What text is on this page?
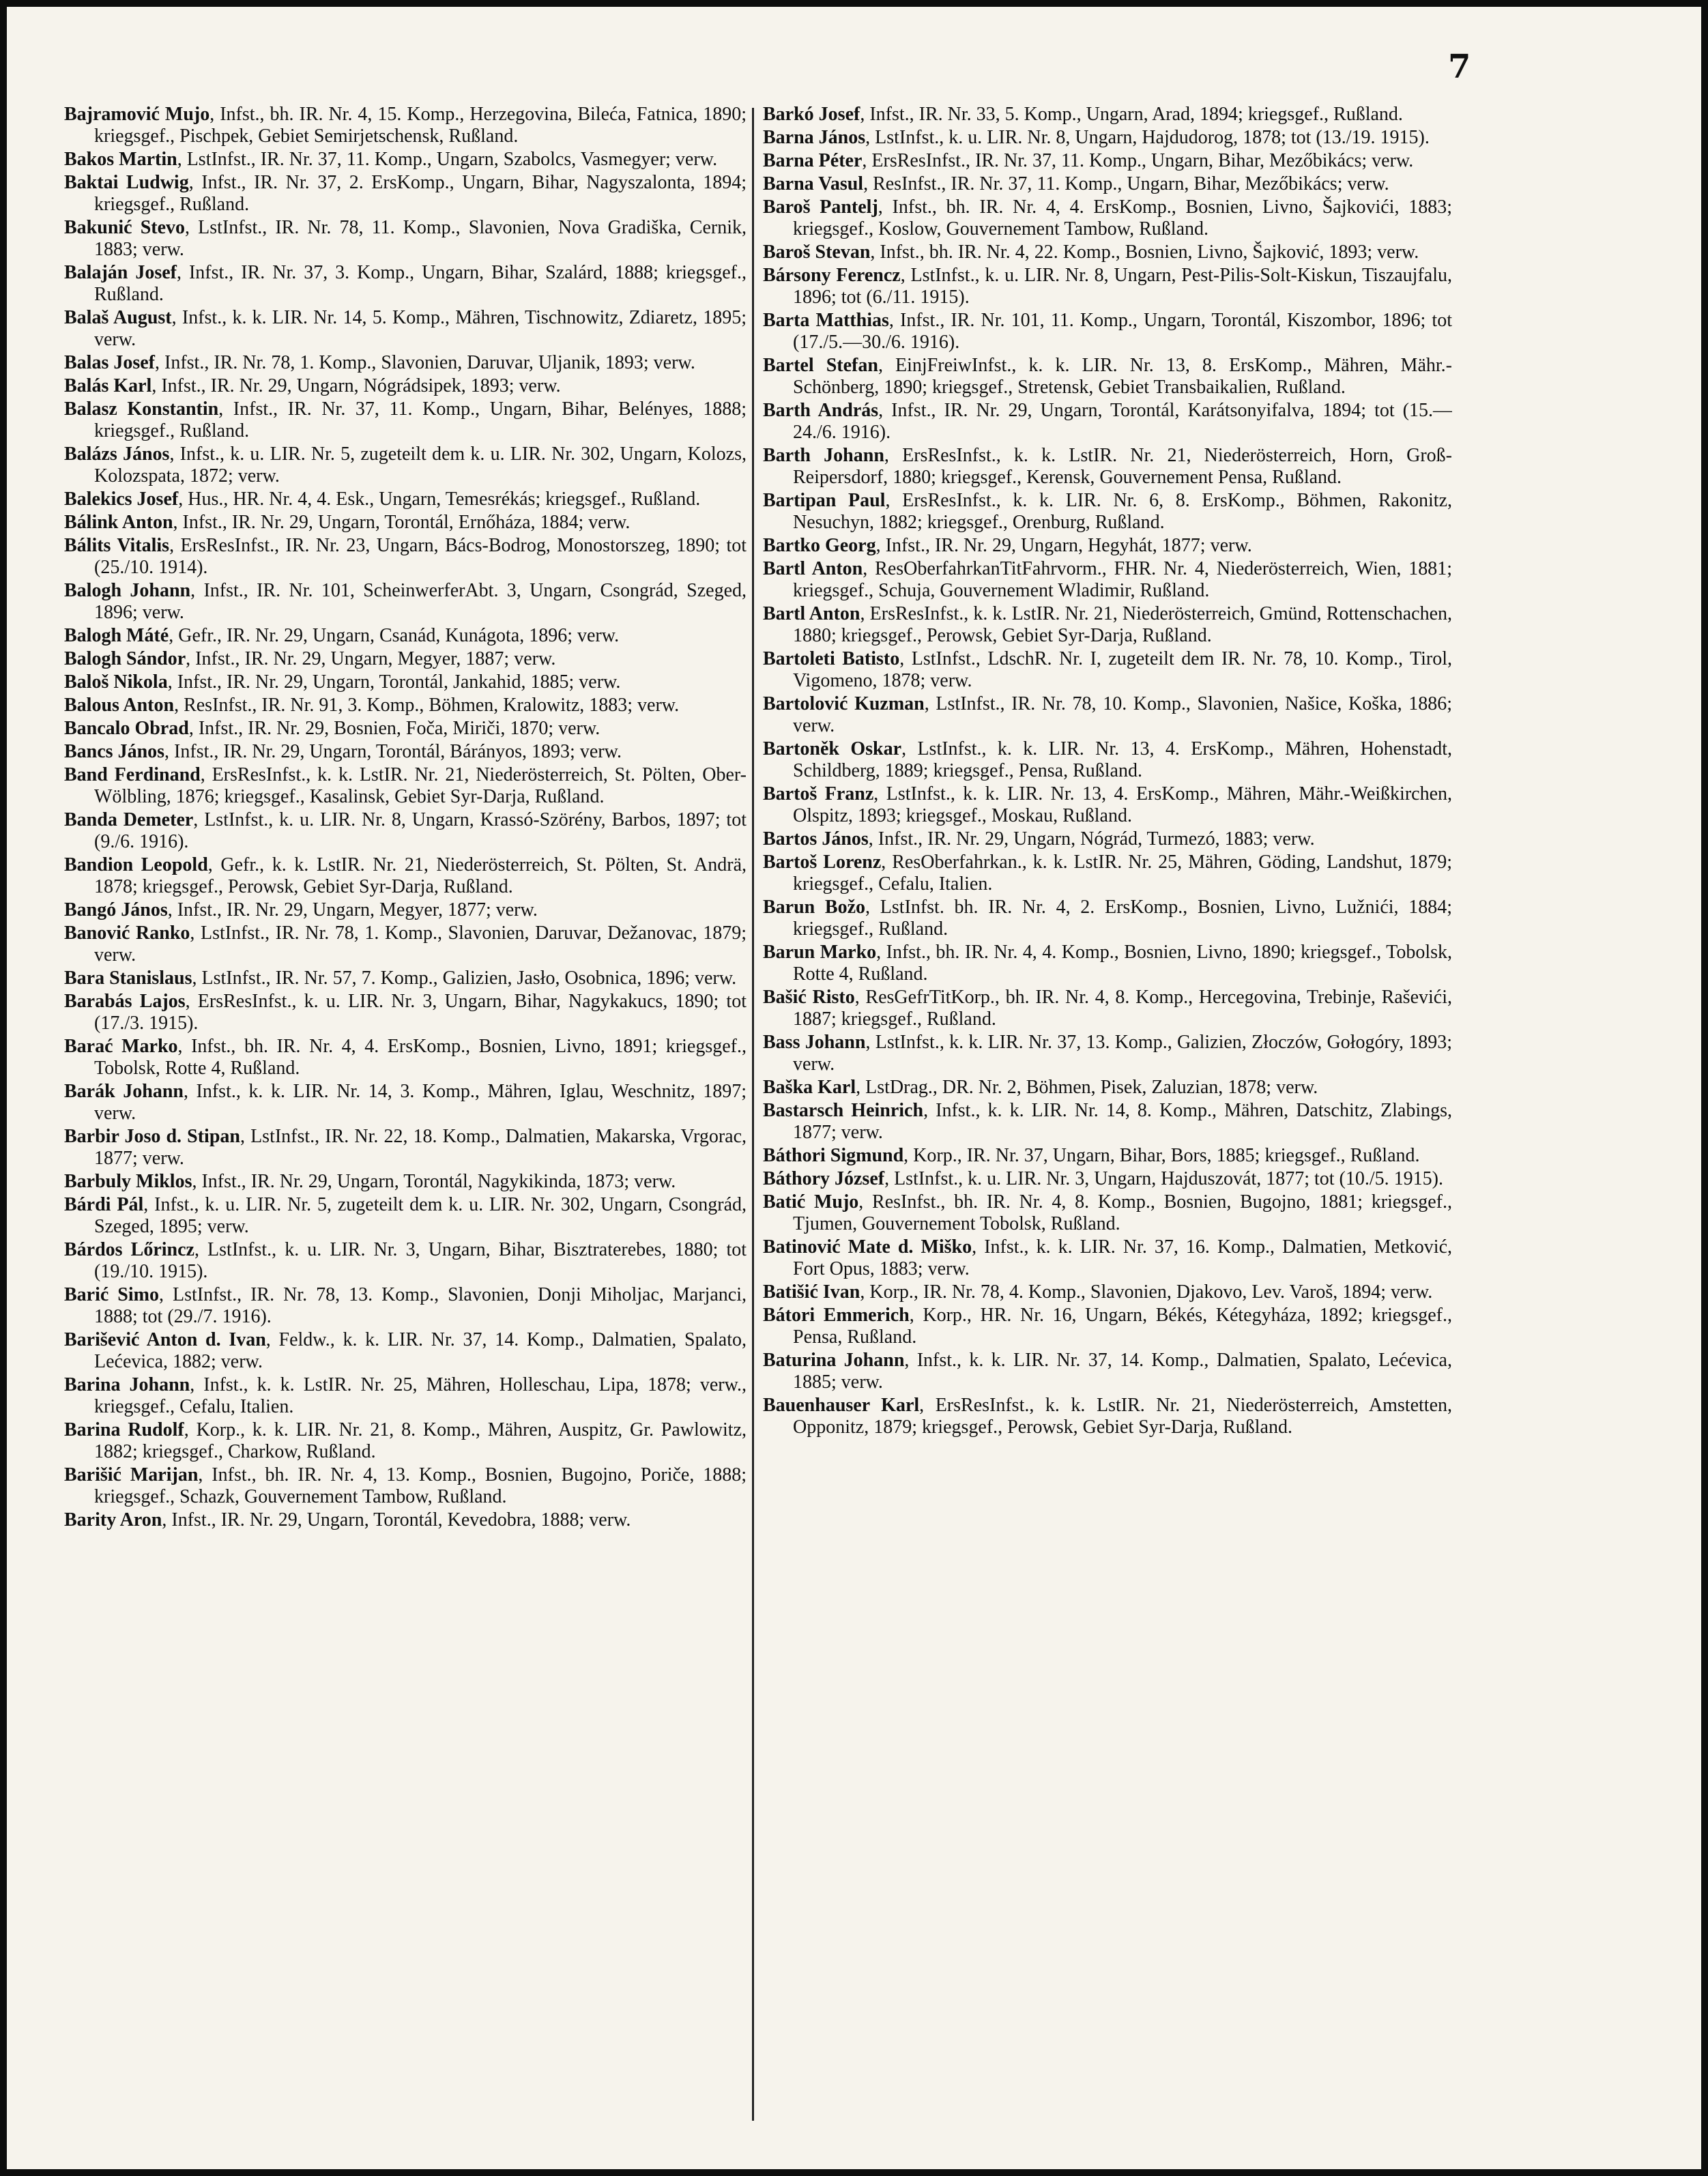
7

Bajramović Mujo, Infst., bh. IR. Nr. 4, 15. Komp., Herzegovina, Bileća, Fatnica, 1890; kriegsgef., Pischpek, Gebiet Semirjetschensk, Rußland.

Bakos Martin, LstInfst., IR. Nr. 37, 11. Komp., Ungarn, Szabolcs, Vasmegyer; verw.

Baktai Ludwig, Infst., IR. Nr. 37, 2. ErsKomp., Ungarn, Bihar, Nagyszalonta, 1894; kriegsgef., Rußland.

Bakunić Stevo, LstInfst., IR. Nr. 78, 11. Komp., Slavonien, Nova Gradiška, Cernik, 1883; verw.

Balaján Josef, Infst., IR. Nr. 37, 3. Komp., Ungarn, Bihar, Szalárd, 1888; kriegsgef., Rußland.

Balaš August, Infst., k. k. LIR. Nr. 14, 5. Komp., Mähren, Tischnowitz, Zdiaretz, 1895; verw.

Balas Josef, Infst., IR. Nr. 78, 1. Komp., Slavonien, Daruvar, Uljanik, 1893; verw.

Balás Karl, Infst., IR. Nr. 29, Ungarn, Nógrádsipek, 1893; verw.

Balasz Konstantin, Infst., IR. Nr. 37, 11. Komp., Ungarn, Bihar, Belényes, 1888; kriegsgef., Rußland.

Balázs János, Infst., k. u. LIR. Nr. 5, zugeteilt dem k. u. LIR. Nr. 302, Ungarn, Kolozs, Kolozspata, 1872; verw.

Balekics Josef, Hus., HR. Nr. 4, 4. Esk., Ungarn, Temesrékás; kriegsgef., Rußland.

Bálink Anton, Infst., IR. Nr. 29, Ungarn, Torontál, Ernőháza, 1884; verw.

Bálits Vitalis, ErsResInfst., IR. Nr. 23, Ungarn, Bács-Bodrog, Monostorszeg, 1890; tot (25./10. 1914).

Balogh Johann, Infst., IR. Nr. 101, ScheinwerferAbt. 3, Ungarn, Csongrád, Szeged, 1896; verw.

Balogh Máté, Gefr., IR. Nr. 29, Ungarn, Csanád, Kunágota, 1896; verw.

Balogh Sándor, Infst., IR. Nr. 29, Ungarn, Megyer, 1887; verw.

Baloš Nikola, Infst., IR. Nr. 29, Ungarn, Torontál, Jankahid, 1885; verw.

Balous Anton, ResInfst., IR. Nr. 91, 3. Komp., Böhmen, Kralowitz, 1883; verw.

Bancalo Obrad, Infst., IR. Nr. 29, Bosnien, Foča, Miriči, 1870; verw.

Bancs János, Infst., IR. Nr. 29, Ungarn, Torontál, Bárányos, 1893; verw.

Band Ferdinand, ErsResInfst., k. k. LstIR. Nr. 21, Niederösterreich, St. Pölten, Ober-Wölbling, 1876; kriegsgef., Kasalinsk, Gebiet Syr-Darja, Rußland.

Banda Demeter, LstInfst., k. u. LIR. Nr. 8, Ungarn, Krassó-Szörény, Barbos, 1897; tot (9./6. 1916).

Bandion Leopold, Gefr., k. k. LstIR. Nr. 21, Niederösterreich, St. Pölten, St. Andrä, 1878; kriegsgef., Perowsk, Gebiet Syr-Darja, Rußland.

Bangó János, Infst., IR. Nr. 29, Ungarn, Megyer, 1877; verw.

Banović Ranko, LstInfst., IR. Nr. 78, 1. Komp., Slavonien, Daruvar, Dežanovac, 1879; verw.

Bara Stanislaus, LstInfst., IR. Nr. 57, 7. Komp., Galizien, Jasło, Osobnica, 1896; verw.

Barabás Lajos, ErsResInfst., k. u. LIR. Nr. 3, Ungarn, Bihar, Nagykakucs, 1890; tot (17./3. 1915).

Barać Marko, Infst., bh. IR. Nr. 4, 4. ErsKomp., Bosnien, Livno, 1891; kriegsgef., Tobolsk, Rotte 4, Rußland.

Barák Johann, Infst., k. k. LIR. Nr. 14, 3. Komp., Mähren, Iglau, Weschnitz, 1897; verw.

Barbir Joso d. Stipan, LstInfst., IR. Nr. 22, 18. Komp., Dalmatien, Makarska, Vrgorac, 1877; verw.

Barbuly Miklos, Infst., IR. Nr. 29, Ungarn, Torontál, Nagykikinda, 1873; verw.

Bárdi Pál, Infst., k. u. LIR. Nr. 5, zugeteilt dem k. u. LIR. Nr. 302, Ungarn, Csongrád, Szeged, 1895; verw.

Bárdos Lőrincz, LstInfst., k. u. LIR. Nr. 3, Ungarn, Bihar, Bisztraterebes, 1880; tot (19./10. 1915).

Barić Simo, LstInfst., IR. Nr. 78, 13. Komp., Slavonien, Donji Miholjac, Marjanci, 1888; tot (29./7. 1916).

Barišević Anton d. Ivan, Feldw., k. k. LIR. Nr. 37, 14. Komp., Dalmatien, Spalato, Lećevica, 1882; verw.

Barina Johann, Infst., k. k. LstIR. Nr. 25, Mähren, Holleschau, Lipa, 1878; verw., kriegsgef., Cefalu, Italien.

Barina Rudolf, Korp., k. k. LIR. Nr. 21, 8. Komp., Mähren, Auspitz, Gr. Pawlowitz, 1882; kriegsgef., Charkow, Rußland.

Barišić Marijan, Infst., bh. IR. Nr. 4, 13. Komp., Bosnien, Bugojno, Poriče, 1888; kriegsgef., Schazk, Gouvernement Tambow, Rußland.

Barity Aron, Infst., IR. Nr. 29, Ungarn, Torontál, Kevedobra, 1888; verw.

Barkó Josef, Infst., IR. Nr. 33, 5. Komp., Ungarn, Arad, 1894; kriegsgef., Rußland.

Barna János, LstInfst., k. u. LIR. Nr. 8, Ungarn, Hajdudorog, 1878; tot (13./19. 1915).

Barna Péter, ErsResInfst., IR. Nr. 37, 11. Komp., Ungarn, Bihar, Mezőbikács; verw.

Barna Vasul, ResInfst., IR. Nr. 37, 11. Komp., Ungarn, Bihar, Mezőbikács; verw.

Baroš Pantelj, Infst., bh. IR. Nr. 4, 4. ErsKomp., Bosnien, Livno, Šajkovići, 1883; kriegsgef., Koslow, Gouvernement Tambow, Rußland.

Baroš Stevan, Infst., bh. IR. Nr. 4, 22. Komp., Bosnien, Livno, Šajković, 1893; verw.

Bársony Ferencz, LstInfst., k. u. LIR. Nr. 8, Ungarn, Pest-Pilis-Solt-Kiskun, Tiszaujfalu, 1896; tot (6./11. 1915).

Barta Matthias, Infst., IR. Nr. 101, 11. Komp., Ungarn, Torontál, Kiszombor, 1896; tot (17./5.—30./6. 1916).

Bartel Stefan, EinjFreiwInfst., k. k. LIR. Nr. 13, 8. ErsKomp., Mähren, Mähr.-Schönberg, 1890; kriegsgef., Stretensk, Gebiet Transbaikalien, Rußland.

Barth András, Infst., IR. Nr. 29, Ungarn, Torontál, Karátsonyifalva, 1894; tot (15.—24./6. 1916).

Barth Johann, ErsResInfst., k. k. LstIR. Nr. 21, Niederösterreich, Horn, Groß-Reipersdorf, 1880; kriegsgef., Kerensk, Gouvernement Pensa, Rußland.

Bartipan Paul, ErsResInfst., k. k. LIR. Nr. 6, 8. ErsKomp., Böhmen, Rakonitz, Nesuchyn, 1882; kriegsgef., Orenburg, Rußland.

Bartko Georg, Infst., IR. Nr. 29, Ungarn, Hegyhát, 1877; verw.

Bartl Anton, ResOberfahrkanTitFahrvorm., FHR. Nr. 4, Niederösterreich, Wien, 1881; kriegsgef., Schuja, Gouvernement Wladimir, Rußland.

Bartl Anton, ErsResInfst., k. k. LstIR. Nr. 21, Niederösterreich, Gmünd, Rottenschachen, 1880; kriegsgef., Perowsk, Gebiet Syr-Darja, Rußland.

Bartoleti Batisto, LstInfst., LdschR. Nr. I, zugeteilt dem IR. Nr. 78, 10. Komp., Tirol, Vigomeno, 1878; verw.

Bartolović Kuzman, LstInfst., IR. Nr. 78, 10. Komp., Slavonien, Našice, Koška, 1886; verw.

Bartoněk Oskar, LstInfst., k. k. LIR. Nr. 13, 4. ErsKomp., Mähren, Hohenstadt, Schildberg, 1889; kriegsgef., Pensa, Rußland.

Bartoš Franz, LstInfst., k. k. LIR. Nr. 13, 4. ErsKomp., Mähren, Mähr.-Weißkirchen, Olspitz, 1893; kriegsgef., Moskau, Rußland.

Bartos János, Infst., IR. Nr. 29, Ungarn, Nógrád, Turmezó, 1883; verw.

Bartoš Lorenz, ResOberfahrkan., k. k. LstIR. Nr. 25, Mähren, Göding, Landshut, 1879; kriegsgef., Cefalu, Italien.

Barun Božo, LstInfst. bh. IR. Nr. 4, 2. ErsKomp., Bosnien, Livno, Lužnići, 1884; kriegsgef., Rußland.

Barun Marko, Infst., bh. IR. Nr. 4, 4. Komp., Bosnien, Livno, 1890; kriegsgef., Tobolsk, Rotte 4, Rußland.

Bašić Risto, ResGefrTitKorp., bh. IR. Nr. 4, 8. Komp., Hercegovina, Trebinje, Raševići, 1887; kriegsgef., Rußland.

Bass Johann, LstInfst., k. k. LIR. Nr. 37, 13. Komp., Galizien, Złoczów, Gołogóry, 1893; verw.

Baška Karl, LstDrag., DR. Nr. 2, Böhmen, Pisek, Zaluzian, 1878; verw.

Bastarsch Heinrich, Infst., k. k. LIR. Nr. 14, 8. Komp., Mähren, Datschitz, Zlabings, 1877; verw.

Báthori Sigmund, Korp., IR. Nr. 37, Ungarn, Bihar, Bors, 1885; kriegsgef., Rußland.

Báthory József, LstInfst., k. u. LIR. Nr. 3, Ungarn, Hajduszovát, 1877; tot (10./5. 1915).

Batić Mujo, ResInfst., bh. IR. Nr. 4, 8. Komp., Bosnien, Bugojno, 1881; kriegsgef., Tjumen, Gouvernement Tobolsk, Rußland.

Batinović Mate d. Miško, Infst., k. k. LIR. Nr. 37, 16. Komp., Dalmatien, Metković, Fort Opus, 1883; verw.

Batišić Ivan, Korp., IR. Nr. 78, 4. Komp., Slavonien, Djakovo, Lev. Varoš, 1894; verw.

Bátori Emmerich, Korp., HR. Nr. 16, Ungarn, Békés, Kétegyháza, 1892; kriegsgef., Pensa, Rußland.

Baturina Johann, Infst., k. k. LIR. Nr. 37, 14. Komp., Dalmatien, Spalato, Lećevica, 1885; verw.

Bauenhauser Karl, ErsResInfst., k. k. LstIR. Nr. 21, Niederösterreich, Amstetten, Opponitz, 1879; kriegsgef., Perowsk, Gebiet Syr-Darja, Rußland.
